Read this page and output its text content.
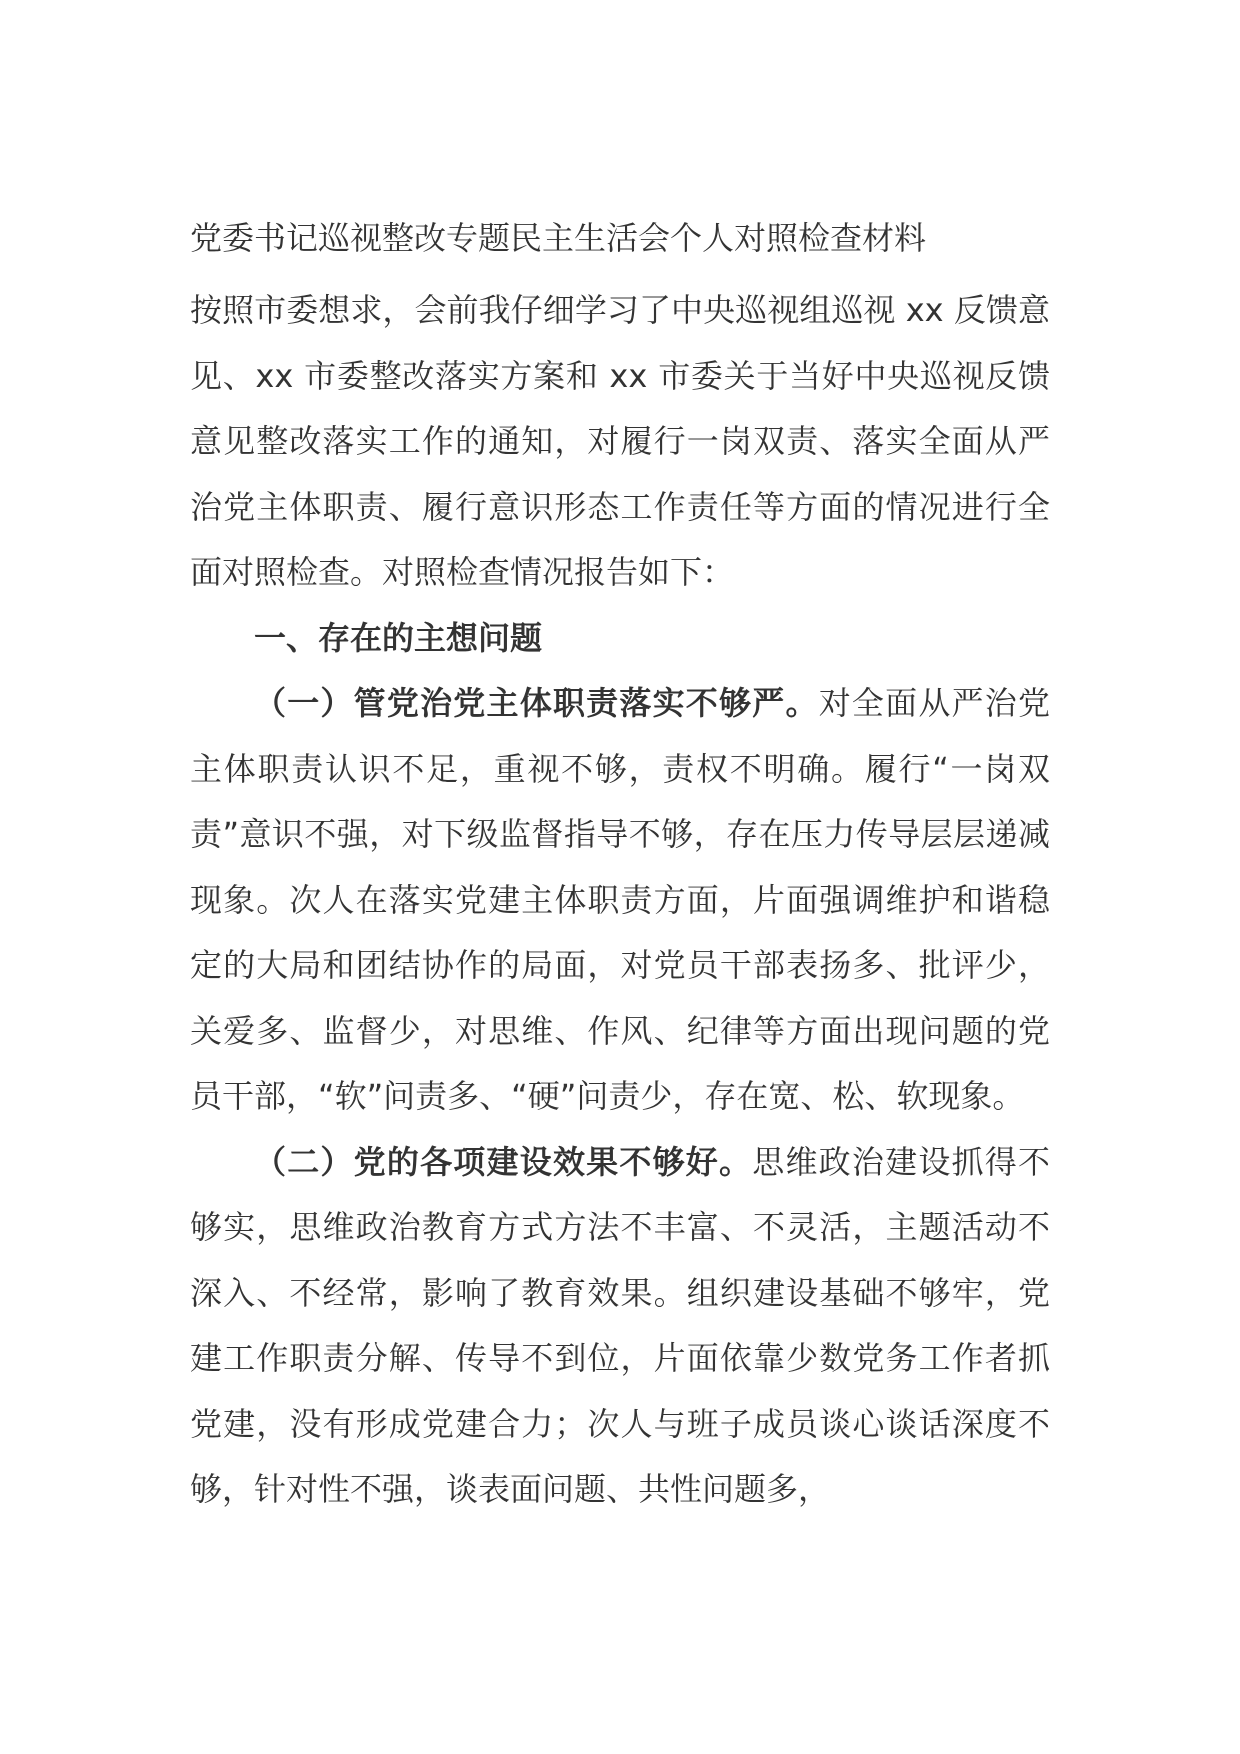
党委书记巡视整改专题民主生活会个人对照检查材料

按照市委想求，会前我仔细学习了中央巡视组巡视 xx 反馈意见、xx 市委整改落实方案和 xx 市委关于当好中央巡视反馈意见整改落实工作的通知，对履行一岗双责、落实全面从严治党主体职责、履行意识形态工作责任等方面的情况进行全面对照检查。对照检查情况报告如下：

一、存在的主想问题

（一）管党治党主体职责落实不够严。对全面从严治党主体职责认识不足，重视不够，责权不明确。履行“一岗双责”意识不强，对下级监督指导不够，存在压力传导层层递减现象。次人在落实党建主体职责方面，片面强调维护和谐稳定的大局和团结协作的局面，对党员干部表扬多、批评少，关爱多、监督少，对思维、作风、纪律等方面出现问题的党员干部，“软”问责多、“硬”问责少，存在宽、松、软现象。

（二）党的各项建设效果不够好。思维政治建设抓得不够实，思维政治教育方式方法不丰富、不灵活，主题活动不深入、不经常，影响了教育效果。组织建设基础不够牢，党建工作职责分解、传导不到位，片面依靠少数党务工作者抓党建，没有形成党建合力；次人与班子成员谈心谈话深度不够，针对性不强，谈表面问题、共性问题多，
